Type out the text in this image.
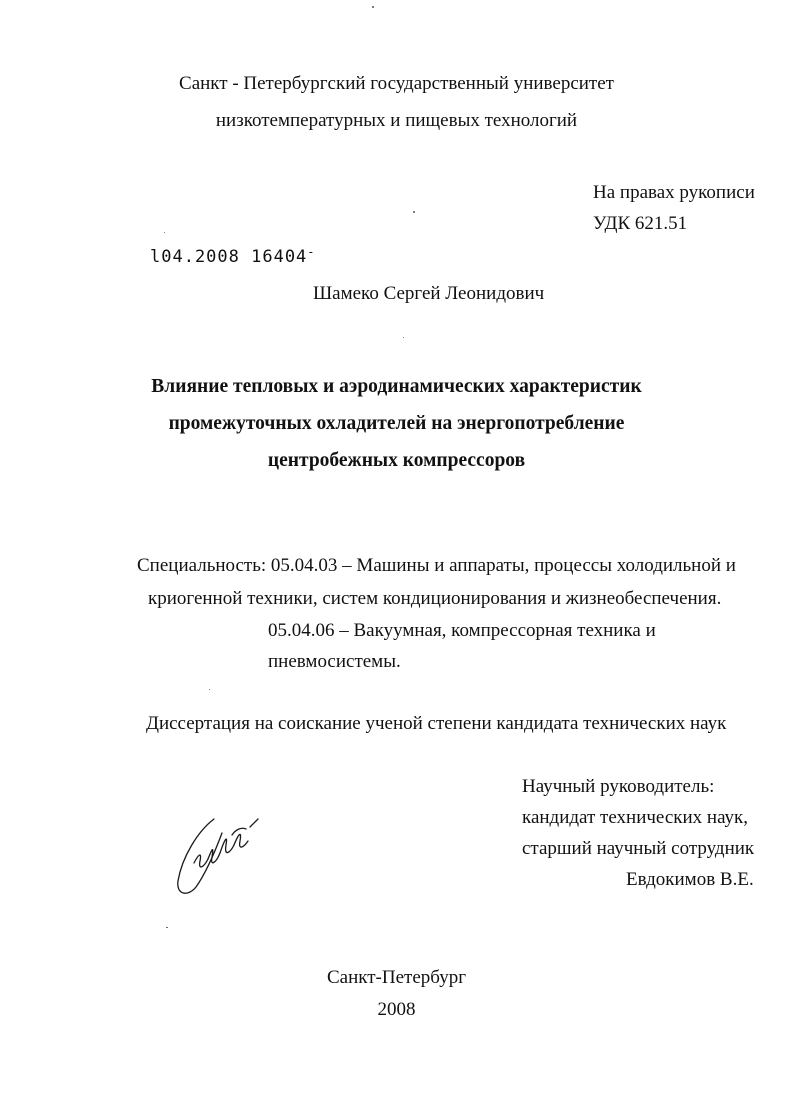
Санкт - Петербургский государственный университет
низкотемпературных и пищевых технологий
На правах рукописи
УДК 621.51
l04.2008 16404-
Шамеко Сергей Леонидович
Влияние тепловых и аэродинамических характеристик
промежуточных охладителей на энергопотребление
центробежных компрессоров
Специальность: 05.04.03 – Машины и аппараты, процессы холодильной и
криогенной техники, систем кондиционирования и жизнеобеспечения.
05.04.06 – Вакуумная, компрессорная техника и
пневмосистемы.
Диссертация на соискание ученой степени кандидата технических наук
Научный руководитель:
кандидат технических наук,
старший научный сотрудник
Евдокимов В.Е.
Санкт-Петербург
2008
